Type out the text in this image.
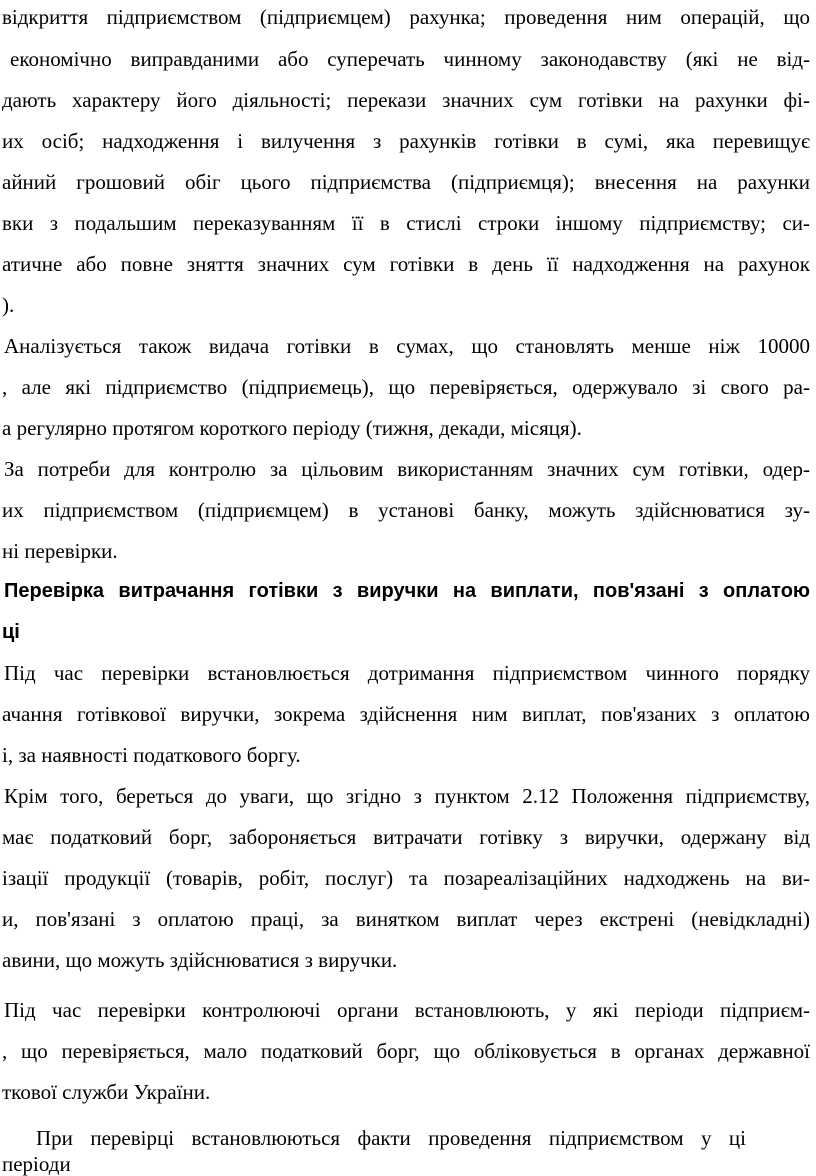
відкриття підприємством (підприємцем) рахунка; проведення ним операцій, що
економічно виправданими або суперечать чинному законодавству (які не від-
дають характеру його діяльності; перекази значних сум готівки на рахунки фі-
их осіб; надходження і вилучення з рахунків готівки в сумі, яка перевищує
айний грошовий обіг цього підприємства (підприємця); внесення на рахунки
вки з подальшим переказуванням її в стислі строки іншому підприємству; си-
атичне або повне зняття значних сум готівки в день її надходження на рахунок
).
Аналізується також видача готівки в сумах, що становлять менше ніж 10000
, але які підприємство (підприємець), що перевіряється, одержувало зі свого ра-
а регулярно протягом короткого періоду (тижня, декади, місяця).
За потреби для контролю за цільовим використанням значних сум готівки, одер-
их підприємством (підприємцем) в установі банку, можуть здійснюватися зу-
ні перевірки.
Перевірка витрачання готівки з виручки на виплати, пов'язані з оплатою
ці
Під час перевірки встановлюється дотримання підприємством чинного порядку
ачання готівкової виручки, зокрема здійснення ним виплат, пов'язаних з оплатою
і, за наявності податкового боргу.
Крім того, береться до уваги, що згідно з пунктом 2.12 Положення підприємству,
має податковий борг, забороняється витрачати готівку з виручки, одержану від
ізації продукції (товарів, робіт, послуг) та позареалізаційних надходжень на ви-
и, пов'язані з оплатою праці, за винятком виплат через екстрені (невідкладні)
авини, що можуть здійснюватися з виручки.
Під час перевірки контролюючі органи встановлюють, у які періоди підприєм-
, що перевіряється, мало податковий борг, що обліковується в органах державної
ткової служби України.
При перевірці встановлюються факти проведення підприємством у ці
періоди
